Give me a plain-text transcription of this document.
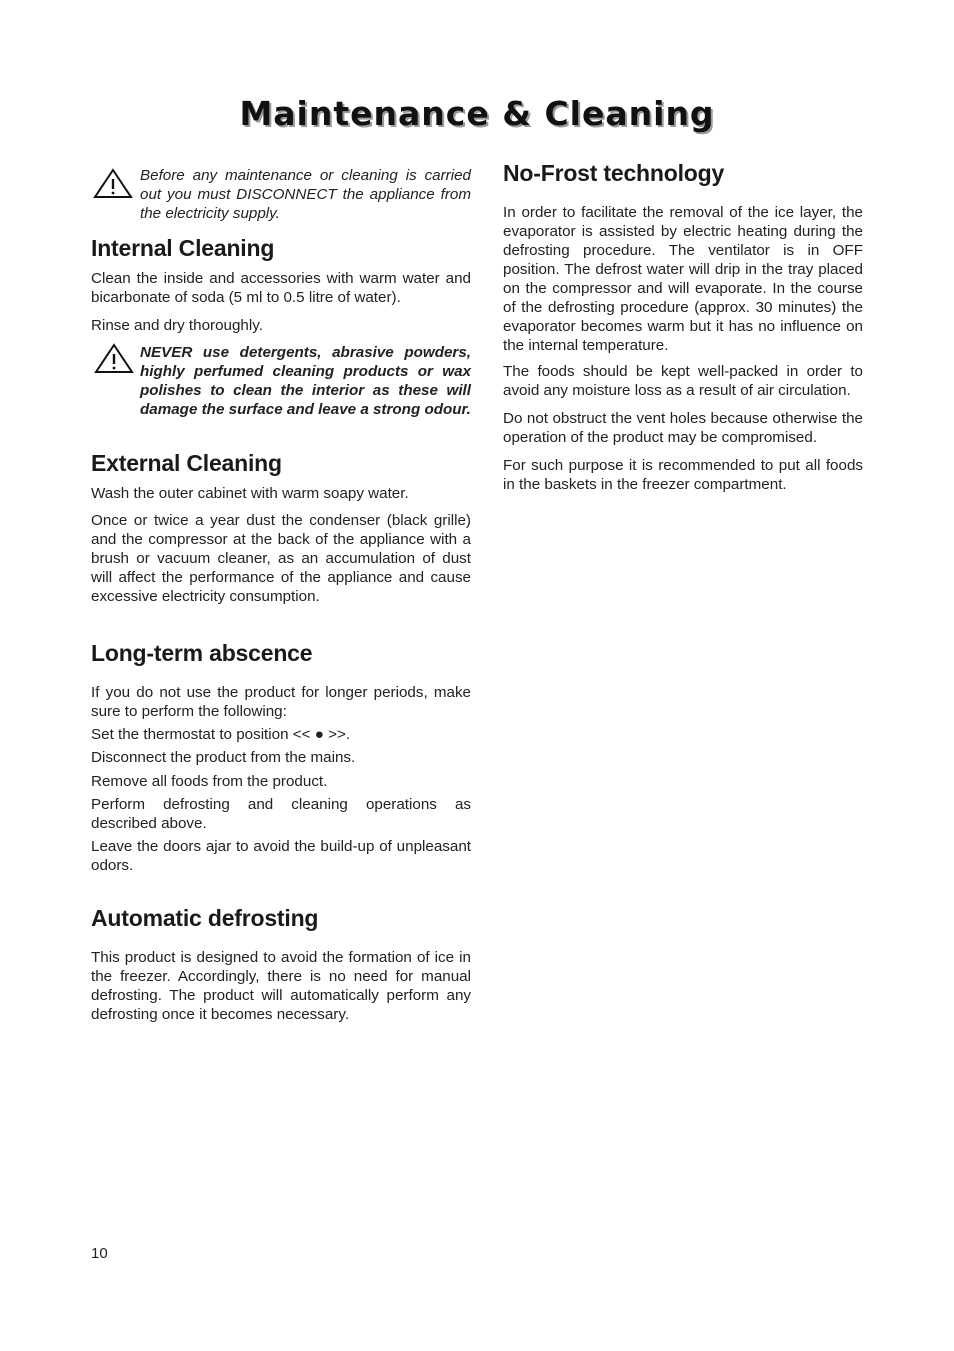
Maintenance & Cleaning

Before any maintenance or cleaning is carried out you must DISCONNECT the appliance from the electricity supply.

Internal Cleaning

Clean the inside and accessories with warm water and bicarbonate of soda (5 ml to 0.5 litre of water).

Rinse and dry thoroughly.

NEVER use detergents, abrasive powders, highly perfumed cleaning products or wax polishes to clean the interior as these will damage the surface and leave a strong odour.

External Cleaning

Wash the outer cabinet with warm soapy water.

Once or twice a year dust the condenser (black grille) and the compressor at the back of the appliance with a brush or vacuum cleaner, as an accumulation of dust will affect the performance of the appliance and cause excessive electricity consumption.

Long-term abscence

If you do not use the product for longer periods, make sure to perform the following:

Set the thermostat to position << ● >>.

Disconnect the product from the mains.

Remove all foods from the product.

Perform defrosting and cleaning operations as described above.

Leave the doors ajar to avoid the build-up of unpleasant odors.

Automatic defrosting

This product is designed to avoid the formation of ice in the freezer. Accordingly, there is no need for manual defrosting. The product will automatically perform any defrosting once it becomes necessary.

No-Frost technology

In order to facilitate the removal of the ice layer, the evaporator is assisted by electric heating during the defrosting procedure. The ventilator is in OFF position. The defrost water will drip in the tray placed on the compressor and will evaporate. In the course of the defrosting procedure (approx. 30 minutes) the evaporator becomes warm but it has no influence on the internal temperature.

The foods should be kept well-packed in order to avoid any moisture loss as a result of air circulation.

Do not obstruct the vent holes because otherwise the operation of the product may be compromised.

For such purpose it is recommended to put all foods in the baskets in the freezer compartment.

10
